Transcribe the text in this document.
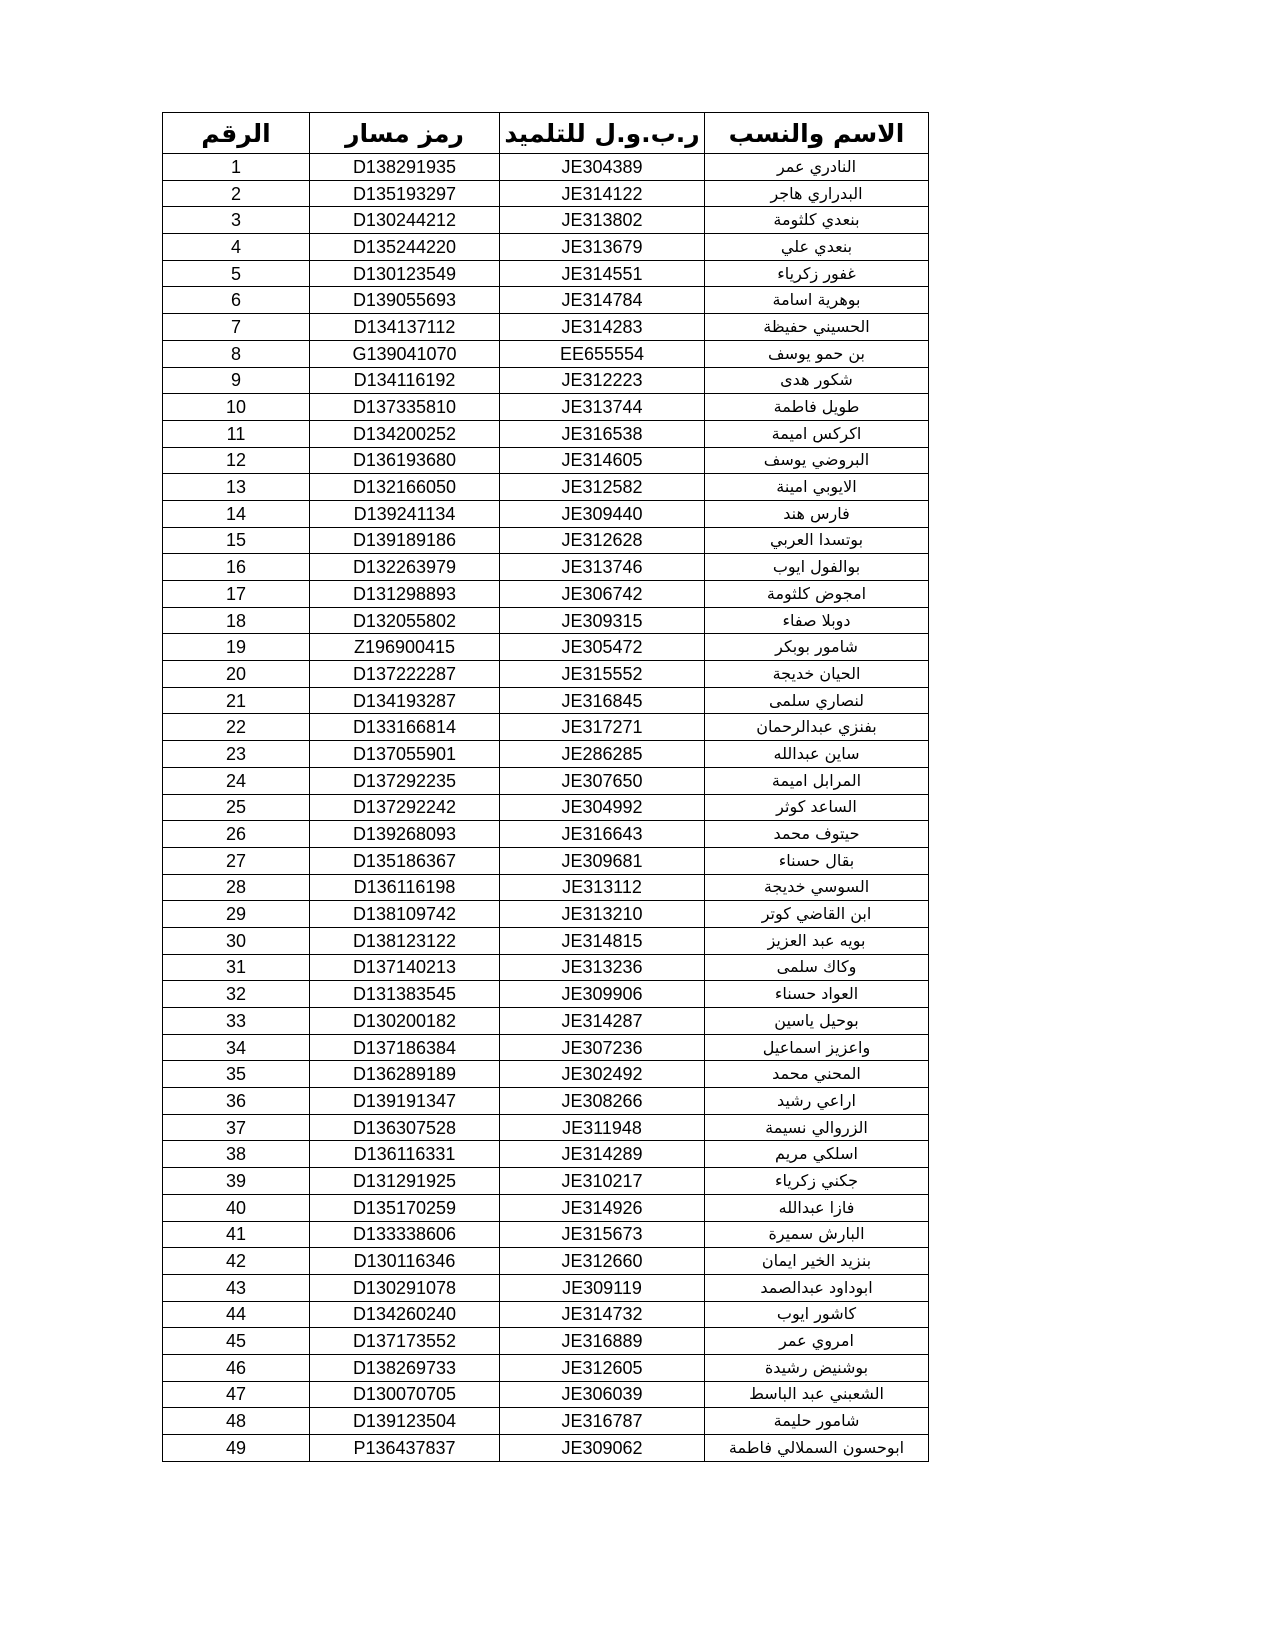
الرقم	رمز مسار	ر.ب.و.ل للتلميد	الاسم والنسب
1	D138291935	JE304389	النادري عمر
2	D135193297	JE314122	البدراري هاجر
3	D130244212	JE313802	بنعدي كلثومة
4	D135244220	JE313679	بنعدي علي
5	D130123549	JE314551	غفور زكرياء
6	D139055693	JE314784	بوهرية اسامة
7	D134137112	JE314283	الحسيني حفيظة
8	G139041070	EE655554	بن حمو يوسف
9	D134116192	JE312223	شكور هدى
10	D137335810	JE313744	طويل فاطمة
11	D134200252	JE316538	اكركس اميمة
12	D136193680	JE314605	البروضي يوسف
13	D132166050	JE312582	الايوبي امينة
14	D139241134	JE309440	فارس هند
15	D139189186	JE312628	بوتسدا العربي
16	D132263979	JE313746	بوالفول ايوب
17	D131298893	JE306742	امجوض كلثومة
18	D132055802	JE309315	دوبلا صفاء
19	Z196900415	JE305472	شامور بوبكر
20	D137222287	JE315552	الحيان خديجة
21	D134193287	JE316845	لنصاري سلمى
22	D133166814	JE317271	بفنزي عبدالرحمان
23	D137055901	JE286285	ساين عبدالله
24	D137292235	JE307650	المرابل اميمة
25	D137292242	JE304992	الساعد كوثر
26	D139268093	JE316643	حيتوف محمد
27	D135186367	JE309681	بقال حسناء
28	D136116198	JE313112	السوسي خديجة
29	D138109742	JE313210	ابن القاضي كوتر
30	D138123122	JE314815	بويه عبد العزيز
31	D137140213	JE313236	وكاك سلمى
32	D131383545	JE309906	العواد حسناء
33	D130200182	JE314287	بوحيل ياسين
34	D137186384	JE307236	واعزيز اسماعيل
35	D136289189	JE302492	المحني محمد
36	D139191347	JE308266	اراعي رشيد
37	D136307528	JE311948	الزروالي نسيمة
38	D136116331	JE314289	اسلكي مريم
39	D131291925	JE310217	جكني زكرياء
40	D135170259	JE314926	فازا عبدالله
41	D133338606	JE315673	البارش سميرة
42	D130116346	JE312660	بنزيد الخير ايمان
43	D130291078	JE309119	ابوداود عبدالصمد
44	D134260240	JE314732	كاشور ايوب
45	D137173552	JE316889	امروي عمر
46	D138269733	JE312605	بوشنيض رشيدة
47	D130070705	JE306039	الشعبني عبد الباسط
48	D139123504	JE316787	شامور حليمة
49	P136437837	JE309062	ابوحسون السملالي فاطمة
